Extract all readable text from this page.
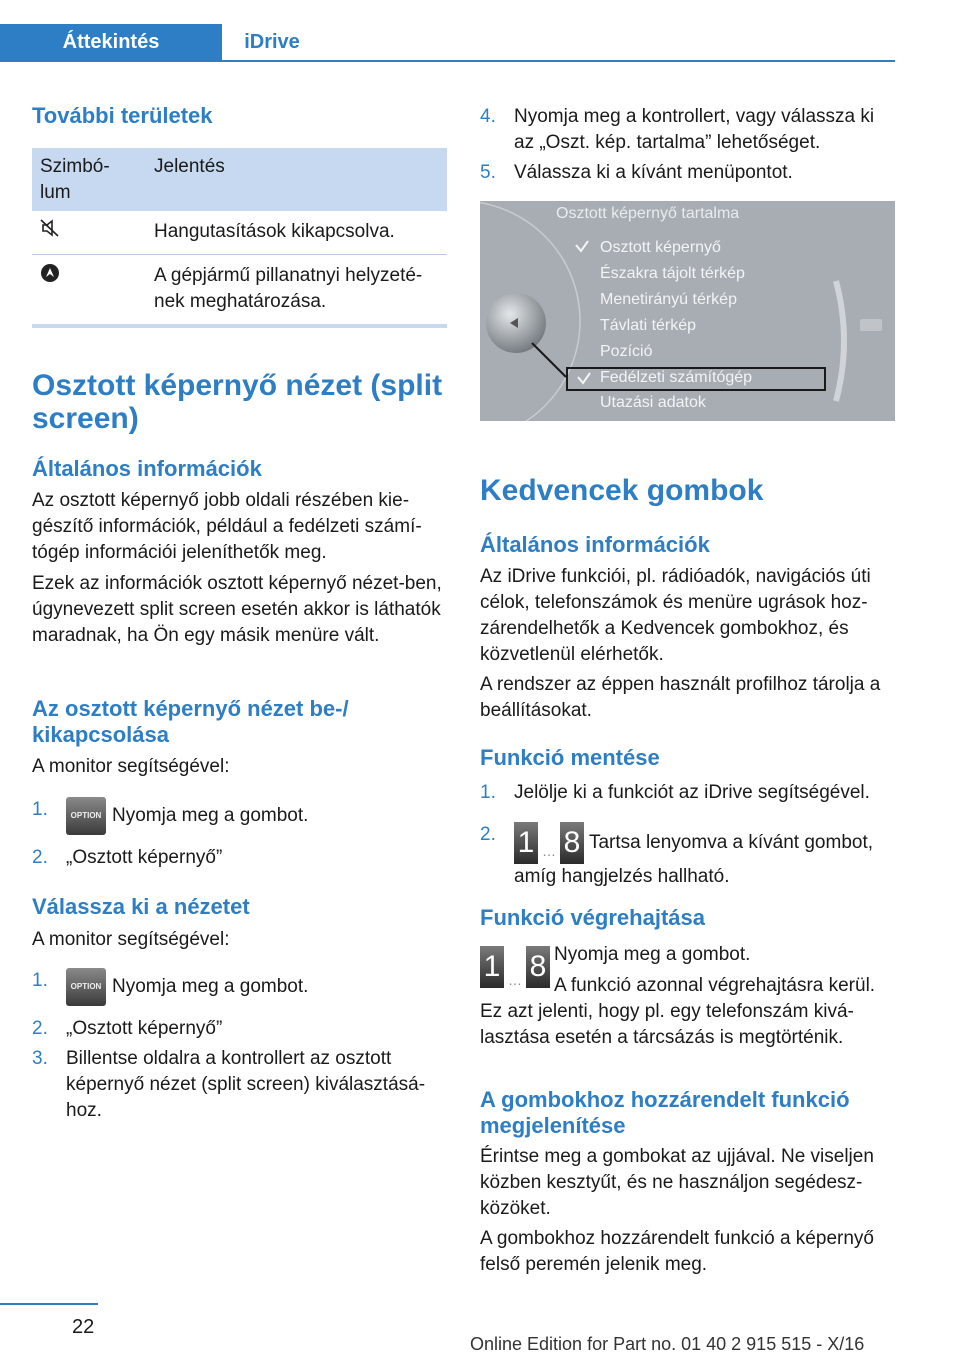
Áttekintés	iDrive
További területek
Szimbó-
lum	Jelentés
	Hangutasítások kikapcsolva.
	A gépjármű pillanatnyi helyzeté-
nek meghatározása.
Osztott képernyő nézet (split screen)
Általános információk
Az osztott képernyő jobb oldali részében kie-gészítő információk, például a fedélzeti számí-tógép információi jeleníthetők meg.
Ezek az információk osztott képernyő nézet-ben, úgynevezett split screen esetén akkor is láthatók maradnak, ha Ön egy másik menüre vált.
Az osztott képernyő nézet be-/ kikapcsolása
A monitor segítségével:
1.	OPTION Nyomja meg a gombot.
2. „Osztott képernyő”
Válassza ki a nézetet
A monitor segítségével:
1.	OPTION Nyomja meg a gombot.
2. „Osztott képernyő”
3. Billentse oldalra a kontrollert az osztott képernyő nézet (split screen) kiválasztásá-hoz.
4. Nyomja meg a kontrollert, vagy válassza ki az „Oszt. kép. tartalma” lehetőséget.
5. Válassza ki a kívánt menüpontot.
Osztott képernyő tartalma
Osztott képernyő
Északra tájolt térkép
Menetirányú térkép
Távlati térkép
Pozíció
Fedélzeti számítógép
Utazási adatok
Kedvencek gombok
Általános információk
Az iDrive funkciói, pl. rádióadók, navigációs úti célok, telefonszámok és menüre ugrások hoz-zárendelhetők a Kedvencek gombokhoz, és közvetlenül elérhetők.
A rendszer az éppen használt profilhoz tárolja a beállításokat.
Funkció mentése
1. Jelölje ki a funkciót az iDrive segítségével.
2. 1 … 8 Tartsa lenyomva a kívánt gombot, amíg hangjelzés hallható.
Funkció végrehajtása
1 … 8 Nyomja meg a gombot.
A funkció azonnal végrehajtásra kerül.
Ez azt jelenti, hogy pl. egy telefonszám kivá-lasztása esetén a tárcsázás is megtörténik.
A gombokhoz hozzárendelt funkció megjelenítése
Érintse meg a gombokat az ujjával. Ne viseljen közben kesztyűt, és ne használjon segédesz-közöket.
A gombokhoz hozzárendelt funkció a képernyő felső peremén jelenik meg.
22
Online Edition for Part no. 01 40 2 915 515 - X/16
